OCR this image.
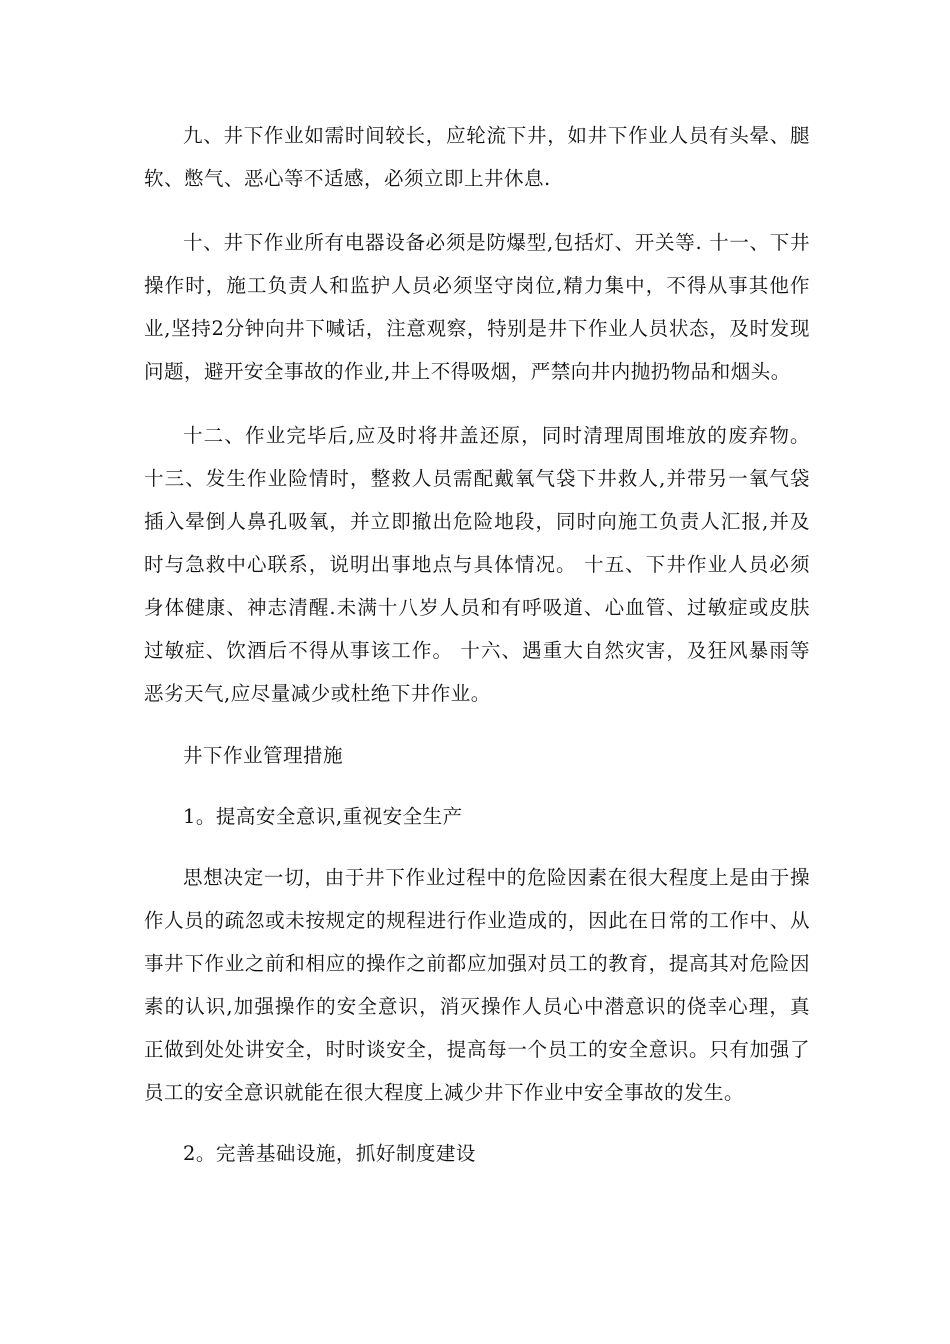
九、井下作业如需时间较长，应轮流下井，如井下作业人员有头晕、腿软、憋气、恶心等不适感，必须立即上井休息.

十、井下作业所有电器设备必须是防爆型,包括灯、开关等. 十一、下井操作时，施工负责人和监护人员必须坚守岗位,精力集中，不得从事其他作业,坚持2分钟向井下喊话，注意观察，特别是井下作业人员状态，及时发现问题，避开安全事故的作业,井上不得吸烟，严禁向井内抛扔物品和烟头。

十二、作业完毕后,应及时将井盖还原，同时清理周围堆放的废弃物。 十三、发生作业险情时，整救人员需配戴氧气袋下井救人,并带另一氧气袋插入晕倒人鼻孔吸氧，并立即撤出危险地段，同时向施工负责人汇报,并及时与急救中心联系，说明出事地点与具体情况。 十五、下井作业人员必须身体健康、神志清醒.未满十八岁人员和有呼吸道、心血管、过敏症或皮肤过敏症、饮酒后不得从事该工作。 十六、遇重大自然灾害，及狂风暴雨等恶劣天气,应尽量减少或杜绝下井作业。

井下作业管理措施

1。提高安全意识,重视安全生产

思想决定一切，由于井下作业过程中的危险因素在很大程度上是由于操作人员的疏忽或未按规定的规程进行作业造成的，因此在日常的工作中、从事井下作业之前和相应的操作之前都应加强对员工的教育，提高其对危险因素的认识,加强操作的安全意识，消灭操作人员心中潜意识的侥幸心理，真正做到处处讲安全，时时谈安全，提高每一个员工的安全意识。只有加强了员工的安全意识就能在很大程度上减少井下作业中安全事故的发生。

2。完善基础设施，抓好制度建设
